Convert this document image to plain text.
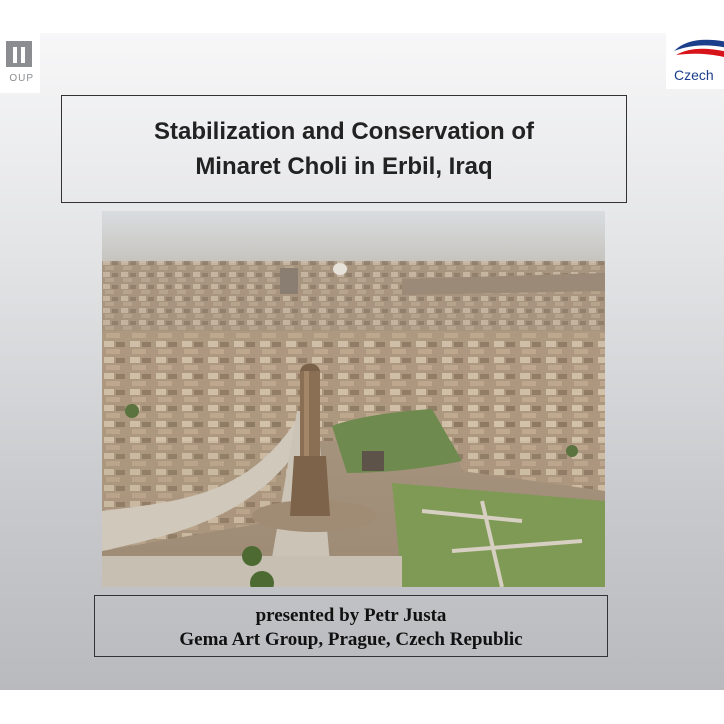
OUP	Czech
Stabilization and Conservation of
Minaret Choli in Erbil, Iraq
presented by Petr Justa
Gema Art Group, Prague, Czech Republic
